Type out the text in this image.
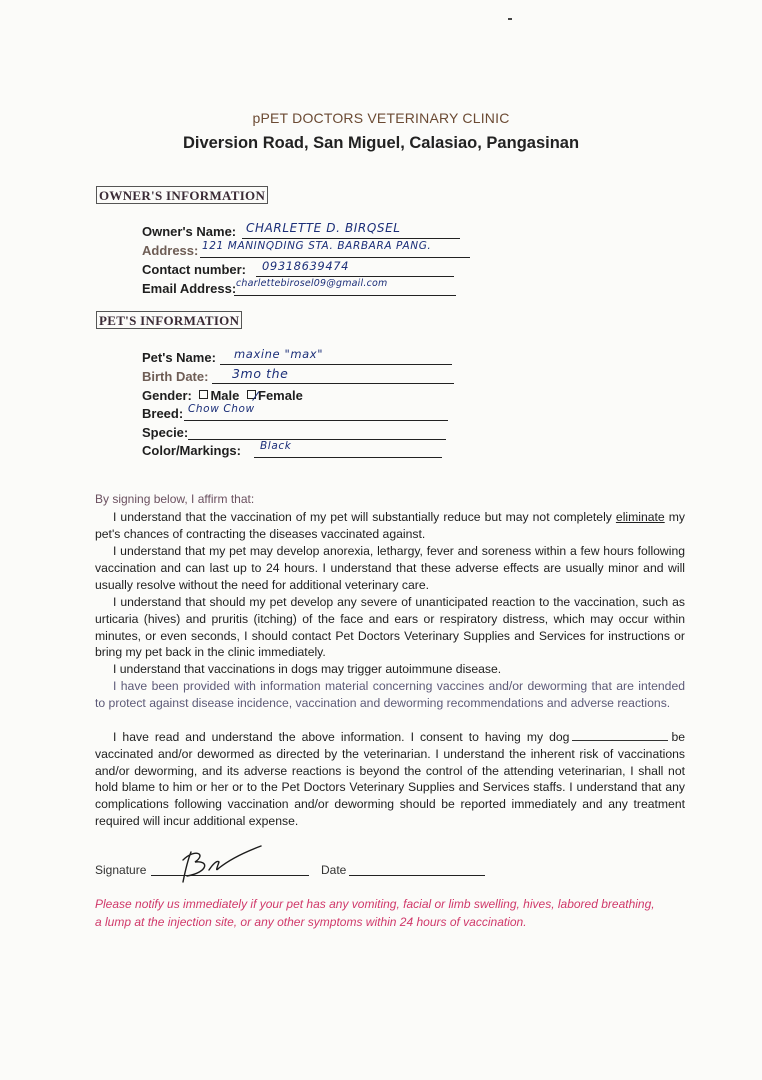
pPET DOCTORS VETERINARY CLINIC
Diversion Road, San Miguel, Calasiao, Pangasinan
OWNER'S INFORMATION
Owner's Name: CHARLETTE D. BIRQSEL
Address: 121 MANINQDING STA. BARBARA PANG.
Contact number: 09318639474
Email Address: charlettebirosel09@gmail.com
PET'S INFORMATION
Pet's Name: maxine "max"
Birth Date: 3mo the
Gender: Male Female
Breed: Chow Chow
Specie:
Color/Markings: Black
By signing below, I affirm that:
I understand that the vaccination of my pet will substantially reduce but may not completely eliminate my pet's chances of contracting the diseases vaccinated against.
I understand that my pet may develop anorexia, lethargy, fever and soreness within a few hours following vaccination and can last up to 24 hours. I understand that these adverse effects are usually minor and will usually resolve without the need for additional veterinary care.
I understand that should my pet develop any severe of unanticipated reaction to the vaccination, such as urticaria (hives) and pruritis (itching) of the face and ears or respiratory distress, which may occur within minutes, or even seconds, I should contact Pet Doctors Veterinary Supplies and Services for instructions or bring my pet back in the clinic immediately.
I understand that vaccinations in dogs may trigger autoimmune disease.
I have been provided with information material concerning vaccines and/or deworming that are intended to protect against disease incidence, vaccination and deworming recommendations and adverse reactions.
I have read and understand the above information. I consent to having my dog	be vaccinated and/or dewormed as directed by the veterinarian. I understand the inherent risk of vaccinations and/or deworming, and its adverse reactions is beyond the control of the attending veterinarian, I shall not hold blame to him or her or to the Pet Doctors Veterinary Supplies and Services staffs. I understand that any complications following vaccination and/or deworming should be reported immediately and any treatment required will incur additional expense.
Signature	Date
Please notify us immediately if your pet has any vomiting, facial or limb swelling, hives, labored breathing, a lump at the injection site, or any other symptoms within 24 hours of vaccination.
